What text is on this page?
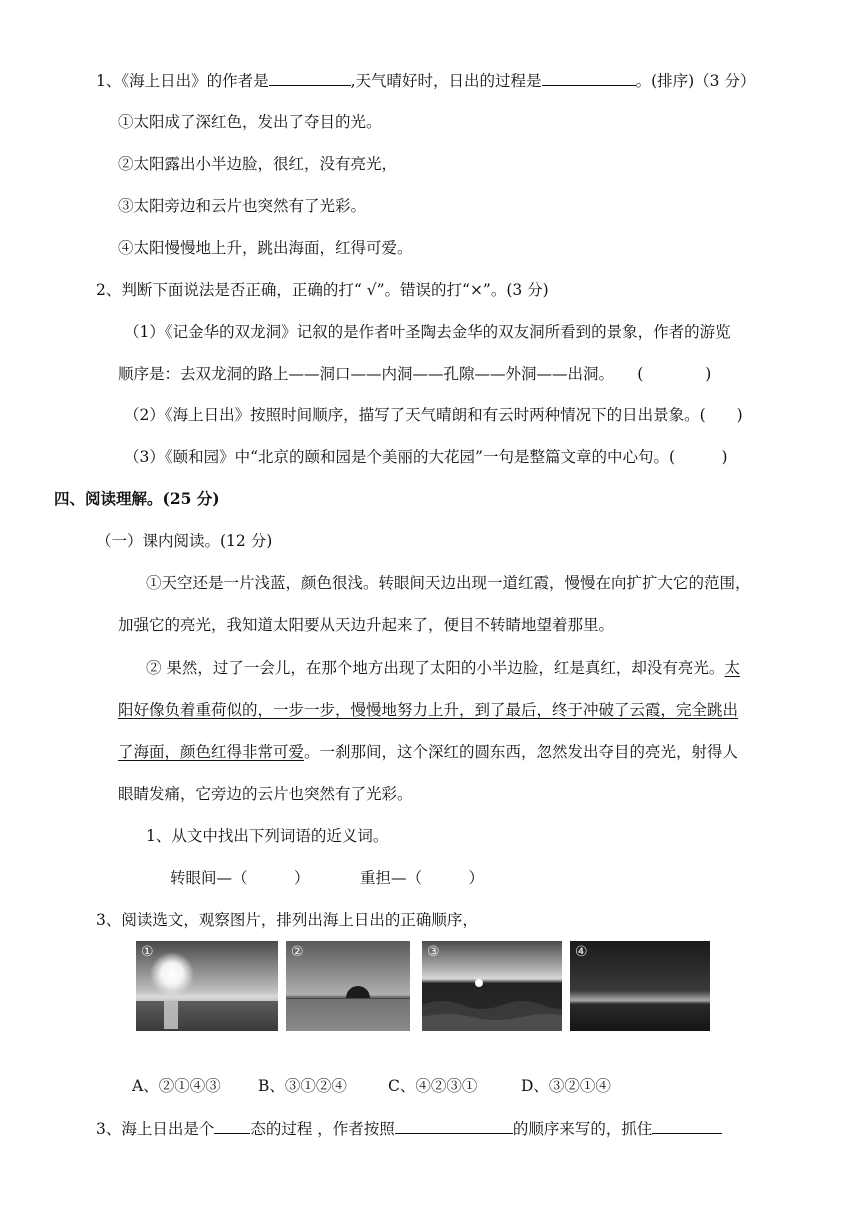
1、《海上日出》的作者是	,天气晴好时，日出的过程是	。(排序)（3 分）
①太阳成了深红色，发出了夺目的光。
②太阳露出小半边脸，很红，没有亮光，
③太阳旁边和云片也突然有了光彩。
④太阳慢慢地上升，跳出海面，红得可爱。
2、判断下面说法是否正确，正确的打“ √”。错误的打“×”。(3 分)
（1）《记金华的双龙洞》记叙的是作者叶圣陶去金华的双友洞所看到的景象，作者的游览
顺序是：去双龙洞的路上——洞口——内洞——孔隙——外洞——出洞。　　(　　　　)
（2）《海上日出》按照时间顺序，描写了天气晴朗和有云时两种情况下的日出景象。(　　)
（3）《颐和园》中“北京的颐和园是个美丽的大花园”一句是整篇文章的中心句。(　　　)
四、阅读理解。(25 分)
（一）课内阅读。(12 分)
①天空还是一片浅蓝，颜色很浅。转眼间天边出现一道红霞，慢慢在向扩扩大它的范围，
加强它的亮光，我知道太阳要从天边升起来了，便目不转睛地望着那里。
② 果然，过了一会儿，在那个地方出现了太阳的小半边脸，红是真红，却没有亮光。太
阳好像负着重荷似的，一步一步，慢慢地努力上升，到了最后，终于冲破了云霞，完全跳出
了海面，颜色红得非常可爱。一刹那间，这个深红的圆东西，忽然发出夺目的亮光，射得人
眼睛发痛，它旁边的云片也突然有了光彩。
1、从文中找出下列词语的近义词。
转眼间—（　　　）	重担—（　　　）
3、阅读选文，观察图片，排列出海上日出的正确顺序，
①	②	③	④
A、②①④③ B、③①②④	C、④②③①	D、③②①④
3、海上日出是个 态的过程 ，作者按照	的顺序来写的，抓住
